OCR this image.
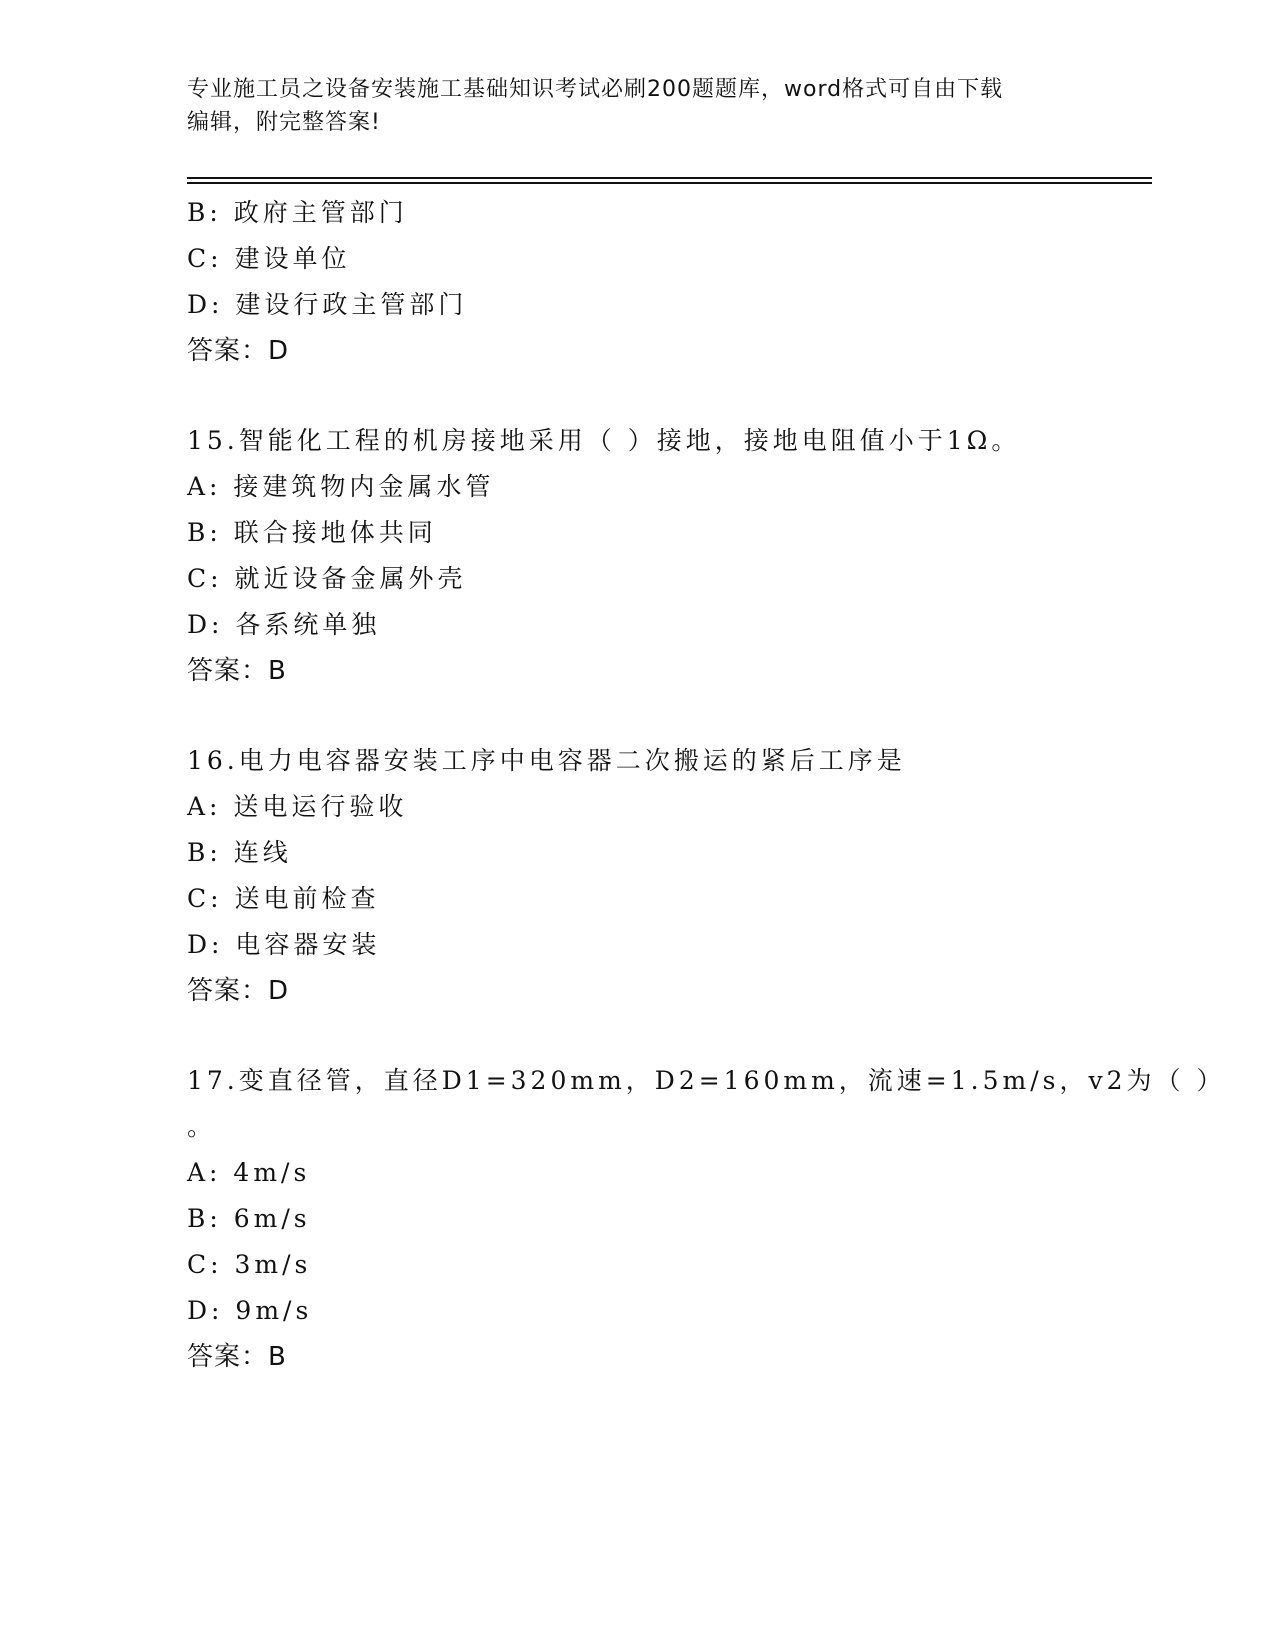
专业施工员之设备安装施工基础知识考试必刷200题题库，word格式可自由下载
编辑，附完整答案!
B: 政府主管部门
C: 建设单位
D: 建设行政主管部门
答案：D
15.智能化工程的机房接地采用（ ）接地，接地电阻值小于1Ω。
A: 接建筑物内金属水管
B: 联合接地体共同
C: 就近设备金属外壳
D: 各系统单独
答案：B
16.电力电容器安装工序中电容器二次搬运的紧后工序是
A: 送电运行验收
B: 连线
C: 送电前检查
D: 电容器安装
答案：D
17.变直径管，直径D1=320mm，D2=160mm，流速=1.5m/s，v2为（ ）
。
A: 4m/s
B: 6m/s
C: 3m/s
D: 9m/s
答案：B
